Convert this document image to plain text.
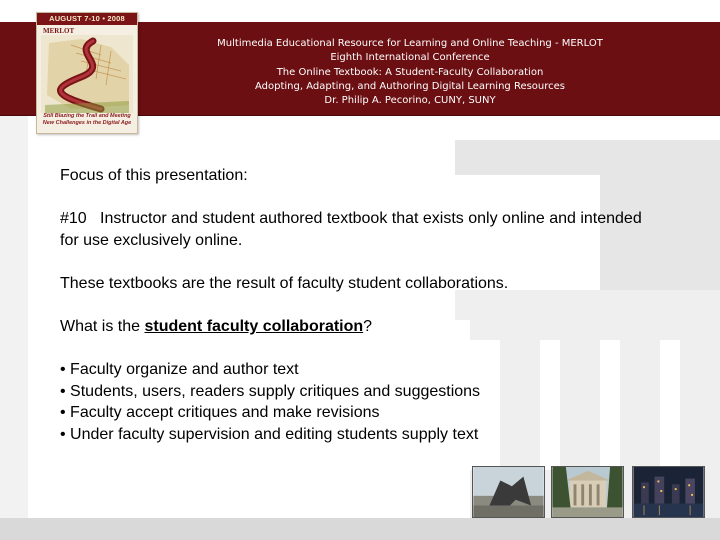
AUGUST 7-10 • 2008
MERLOT
Still Blazing the Trail and Meeting
New Challenges in the Digital Age
Multimedia Educational Resource for Learning and Online Teaching - MERLOT
Eighth International Conference
The Online Textbook: A Student-Faculty Collaboration
Adopting, Adapting, and Authoring Digital Learning Resources
Dr. Philip A. Pecorino, CUNY, SUNY
Focus of this presentation:
#10   Instructor and student authored textbook that exists only online and intended for use exclusively online.
These textbooks are the result of faculty student collaborations.
What is the student faculty collaboration?
• Faculty organize and author text
• Students, users, readers supply critiques and suggestions
• Faculty accept critiques and make revisions
• Under faculty supervision and editing students supply text
